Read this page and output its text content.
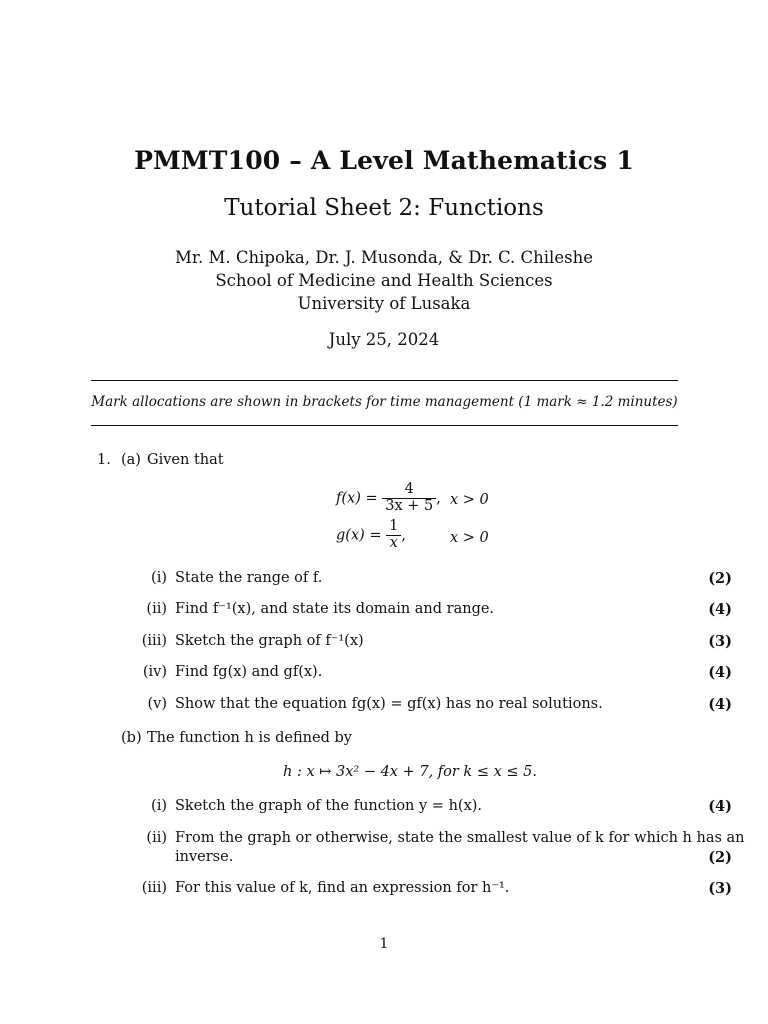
PMMT100 – A Level Mathematics 1
Tutorial Sheet 2: Functions
Mr. M. Chipoka, Dr. J. Musonda, & Dr. C. Chileshe
School of Medicine and Health Sciences
University of Lusaka
July 25, 2024
Mark allocations are shown in brackets for time management (1 mark ≈ 1.2 minutes)
1. (a) Given that
$f(x) = \frac{4}{3x + 5}$ , x > 0
$g(x) = \frac{1}{x}$ ,	x > 0
(i) State the range of f.	(2)
(ii) Find f⁻¹(x), and state its domain and range.	(4)
(iii) Sketch the graph of f⁻¹(x)	(3)
(iv) Find fg(x) and gf(x).	(4)
(v) Show that the equation fg(x) = gf(x) has no real solutions.	(4)
(b) The function h is defined by
h : x ↦ 3x² − 4x + 7, for k ≤ x ≤ 5.
(i) Sketch the graph of the function y = h(x).	(4)
(ii) From the graph or otherwise, state the smallest value of k for which h has an
inverse.	(2)
(iii) For this value of k, find an expression for h⁻¹.	(3)
1
